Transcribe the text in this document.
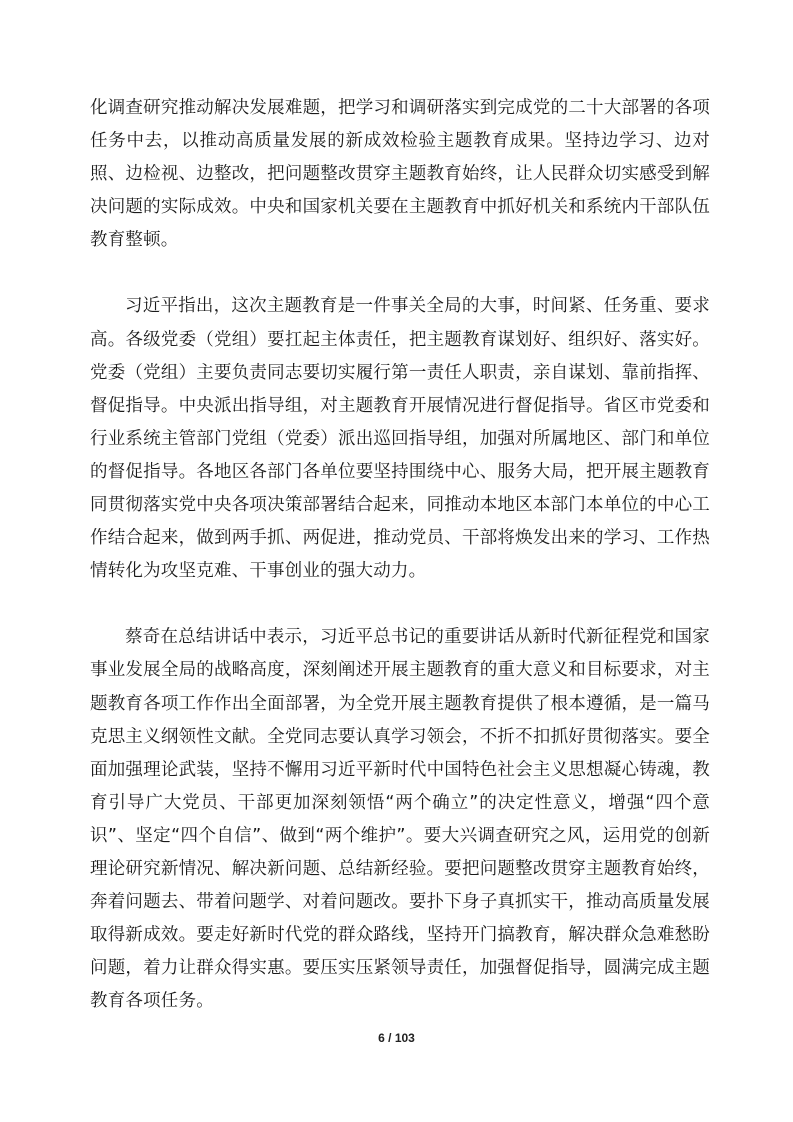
化调查研究推动解决发展难题，把学习和调研落实到完成党的二十大部署的各项任务中去，以推动高质量发展的新成效检验主题教育成果。坚持边学习、边对照、边检视、边整改，把问题整改贯穿主题教育始终，让人民群众切实感受到解决问题的实际成效。中央和国家机关要在主题教育中抓好机关和系统内干部队伍教育整顿。

习近平指出，这次主题教育是一件事关全局的大事，时间紧、任务重、要求高。各级党委（党组）要扛起主体责任，把主题教育谋划好、组织好、落实好。党委（党组）主要负责同志要切实履行第一责任人职责，亲自谋划、靠前指挥、督促指导。中央派出指导组，对主题教育开展情况进行督促指导。省区市党委和行业系统主管部门党组（党委）派出巡回指导组，加强对所属地区、部门和单位的督促指导。各地区各部门各单位要坚持围绕中心、服务大局，把开展主题教育同贯彻落实党中央各项决策部署结合起来，同推动本地区本部门本单位的中心工作结合起来，做到两手抓、两促进，推动党员、干部将焕发出来的学习、工作热情转化为攻坚克难、干事创业的强大动力。

蔡奇在总结讲话中表示，习近平总书记的重要讲话从新时代新征程党和国家事业发展全局的战略高度，深刻阐述开展主题教育的重大意义和目标要求，对主题教育各项工作作出全面部署，为全党开展主题教育提供了根本遵循，是一篇马克思主义纲领性文献。全党同志要认真学习领会，不折不扣抓好贯彻落实。要全面加强理论武装，坚持不懈用习近平新时代中国特色社会主义思想凝心铸魂，教育引导广大党员、干部更加深刻领悟“两个确立”的决定性意义，增强“四个意识”、坚定“四个自信”、做到“两个维护”。要大兴调查研究之风，运用党的创新理论研究新情况、解决新问题、总结新经验。要把问题整改贯穿主题教育始终，奔着问题去、带着问题学、对着问题改。要扑下身子真抓实干，推动高质量发展取得新成效。要走好新时代党的群众路线，坚持开门搞教育，解决群众急难愁盼问题，着力让群众得实惠。要压实压紧领导责任，加强督促指导，圆满完成主题教育各项任务。

6 / 103
